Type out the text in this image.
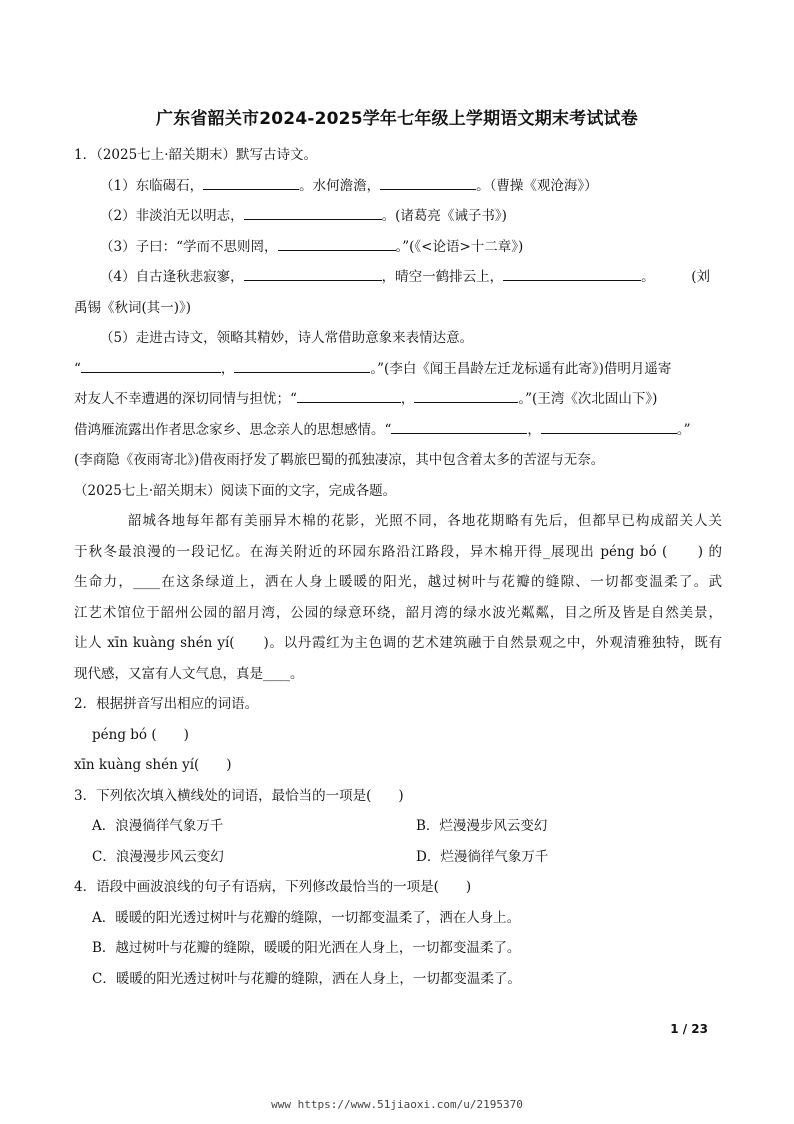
广东省韶关市2024-2025学年七年级上学期语文期末考试试卷
1．（2025七上·韶关期末）默写古诗文。
（1）东临碣石，	。水何澹澹，	。（曹操《观沧海》）
（2）非淡泊无以明志，	。(诸葛亮《诫子书》)
（3）子曰：“学而不思则罔，	。”(《<论语>十二章》)
（4）自古逢秋悲寂寥，	，晴空一鹤排云上，	。	(刘
禹锡《秋词(其一)》)
（5）走进古诗文，领略其精妙，诗人常借助意象来表情达意。
“	，	。”(李白《闻王昌龄左迁龙标遥有此寄》)借明月遥寄
对友人不幸遭遇的深切同情与担忧；“	，	。”(王湾《次北固山下》)
借鸿雁流露出作者思念家乡、思念亲人的思想感情。“	，	。”
(李商隐《夜雨寄北》)借夜雨抒发了羁旅巴蜀的孤独凄凉，其中包含着太多的苦涩与无奈。
（2025七上·韶关期末）阅读下面的文字，完成各题。
韶城各地每年都有美丽异木棉的花影，光照不同，各地花期略有先后，但都早已构成韶关人关
于秋冬最浪漫的一段记忆。在海关附近的环园东路沿江路段，异木棉开得_展现出 péng bó (　　) 的
生命力，____在这条绿道上，洒在人身上暖暖的阳光，越过树叶与花瓣的缝隙、一切都变温柔了。武
江艺术馆位于韶州公园的韶月湾，公园的绿意环绕，韶月湾的绿水波光粼粼，目之所及皆是自然美景，
让人 xīn kuàng shén yí(　　)。以丹霞红为主色调的艺术建筑融于自然景观之中，外观清雅独特，既有
现代感，又富有人文气息，真是____。
2．根据拼音写出相应的词语。
péng bó (　　)
xīn kuàng shén yí(　　)
3．下列依次填入横线处的词语，最恰当的一项是(　　)
A．浪漫徜徉气象万千	B．烂漫漫步风云变幻
C．浪漫漫步风云变幻	D．烂漫徜徉气象万千
4．语段中画波浪线的句子有语病，下列修改最恰当的一项是(　　)
A．暖暖的阳光透过树叶与花瓣的缝隙，一切都变温柔了，洒在人身上。
B．越过树叶与花瓣的缝隙，暖暖的阳光洒在人身上，一切都变温柔了。
C．暖暖的阳光透过树叶与花瓣的缝隙，洒在人身上，一切都变温柔了。
1 / 23
www https://www.51jiaoxi.com/u/2195370
